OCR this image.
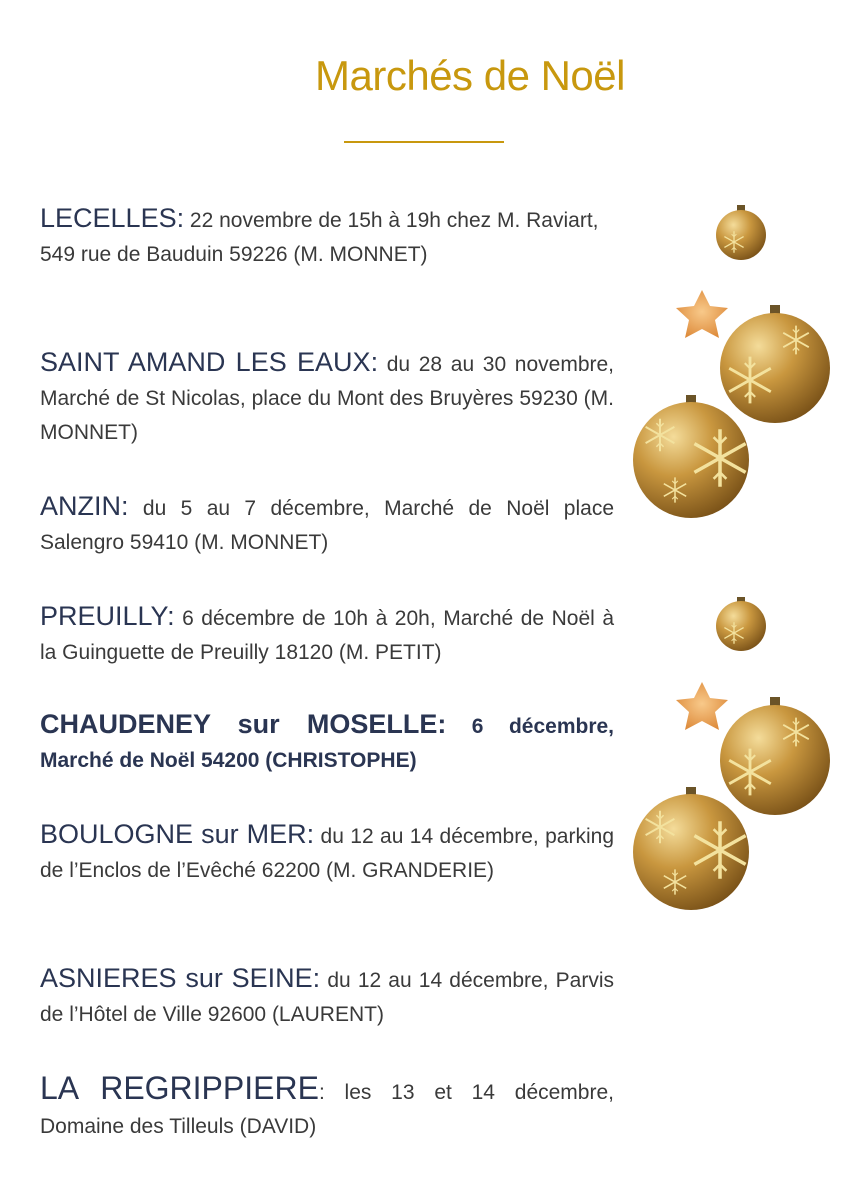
Marchés de Noël

LECELLES: 22 novembre de 15h à 19h chez M. Raviart,
549 rue de Bauduin 59226 (M. MONNET)

SAINT AMAND LES EAUX: du 28 au 30 novembre, Marché de St Nicolas, place du Mont des Bruyères 59230 (M. MONNET)

ANZIN: du 5 au 7 décembre, Marché de Noël place Salengro 59410 (M. MONNET)

PREUILLY: 6 décembre de 10h à 20h, Marché de Noël à la Guinguette de Preuilly 18120 (M. PETIT)

CHAUDENEY sur MOSELLE: 6 décembre, Marché de Noël 54200 (CHRISTOPHE)

BOULOGNE sur MER: du 12 au 14 décembre, parking de l’Enclos de l’Evêché 62200 (M. GRANDERIE)

ASNIERES sur SEINE: du 12 au 14 décembre, Parvis de l’Hôtel de Ville 92600 (LAURENT)

LA REGRIPPIERE: les 13 et 14 décembre, Domaine des Tilleuls (DAVID)
